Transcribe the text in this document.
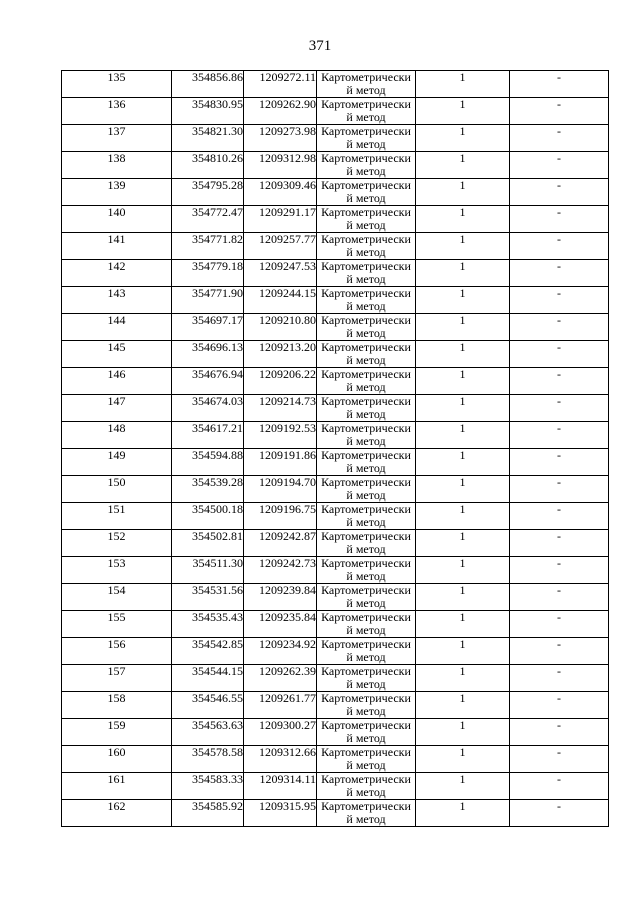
371
135	354856.86	1209272.11	Картометрически й метод	1	-
136	354830.95	1209262.90	Картометрически й метод	1	-
137	354821.30	1209273.98	Картометрически й метод	1	-
138	354810.26	1209312.98	Картометрически й метод	1	-
139	354795.28	1209309.46	Картометрически й метод	1	-
140	354772.47	1209291.17	Картометрически й метод	1	-
141	354771.82	1209257.77	Картометрически й метод	1	-
142	354779.18	1209247.53	Картометрически й метод	1	-
143	354771.90	1209244.15	Картометрически й метод	1	-
144	354697.17	1209210.80	Картометрически й метод	1	-
145	354696.13	1209213.20	Картометрически й метод	1	-
146	354676.94	1209206.22	Картометрически й метод	1	-
147	354674.03	1209214.73	Картометрически й метод	1	-
148	354617.21	1209192.53	Картометрически й метод	1	-
149	354594.88	1209191.86	Картометрически й метод	1	-
150	354539.28	1209194.70	Картометрически й метод	1	-
151	354500.18	1209196.75	Картометрически й метод	1	-
152	354502.81	1209242.87	Картометрически й метод	1	-
153	354511.30	1209242.73	Картометрически й метод	1	-
154	354531.56	1209239.84	Картометрически й метод	1	-
155	354535.43	1209235.84	Картометрически й метод	1	-
156	354542.85	1209234.92	Картометрически й метод	1	-
157	354544.15	1209262.39	Картометрически й метод	1	-
158	354546.55	1209261.77	Картометрически й метод	1	-
159	354563.63	1209300.27	Картометрически й метод	1	-
160	354578.58	1209312.66	Картометрически й метод	1	-
161	354583.33	1209314.11	Картометрически й метод	1	-
162	354585.92	1209315.95	Картометрически й метод	1	-
